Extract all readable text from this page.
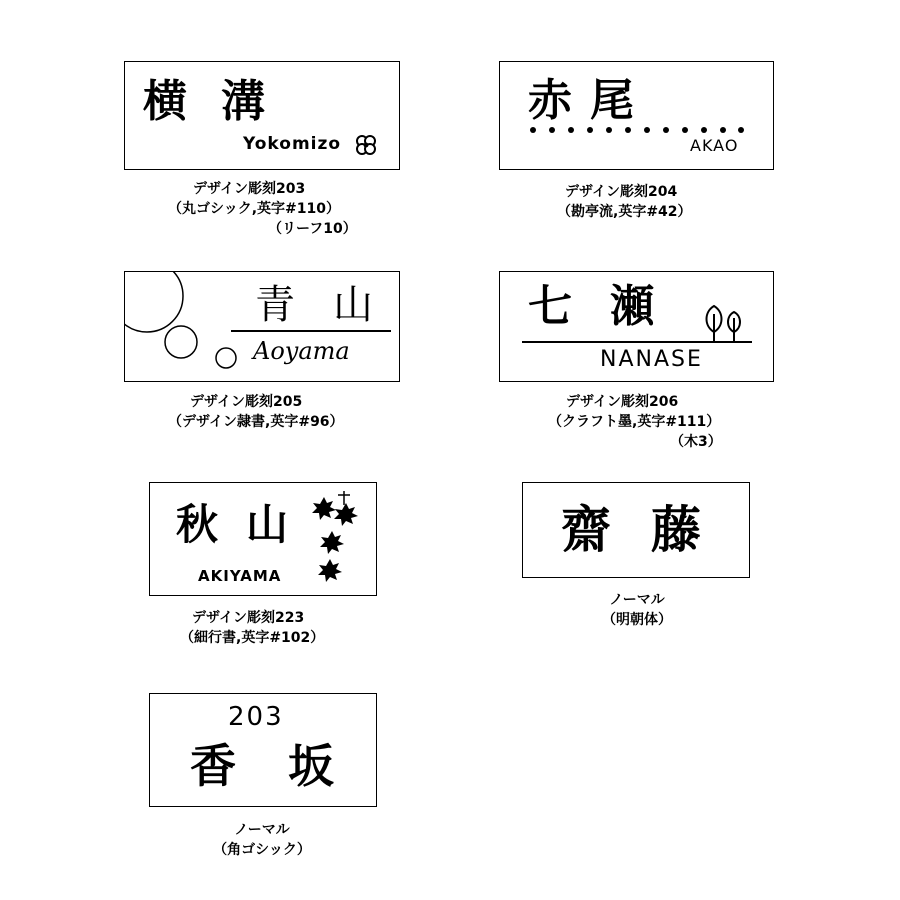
横 溝
Yokomizo
デザイン彫刻203
（丸ゴシック,英字#110）
（リーフ10）
赤 尾
AKAO
デザイン彫刻204
（勘亭流,英字#42）
青 山
Aoyama
デザイン彫刻205
（デザイン隷書,英字#96）
七 瀬
NANASE
デザイン彫刻206
（クラフト墨,英字#111）
（木3）
秋 山
AKIYAMA
デザイン彫刻223
（細行書,英字#102）
齋 藤
ノーマル
（明朝体）
203
香 坂
ノーマル
（角ゴシック）
